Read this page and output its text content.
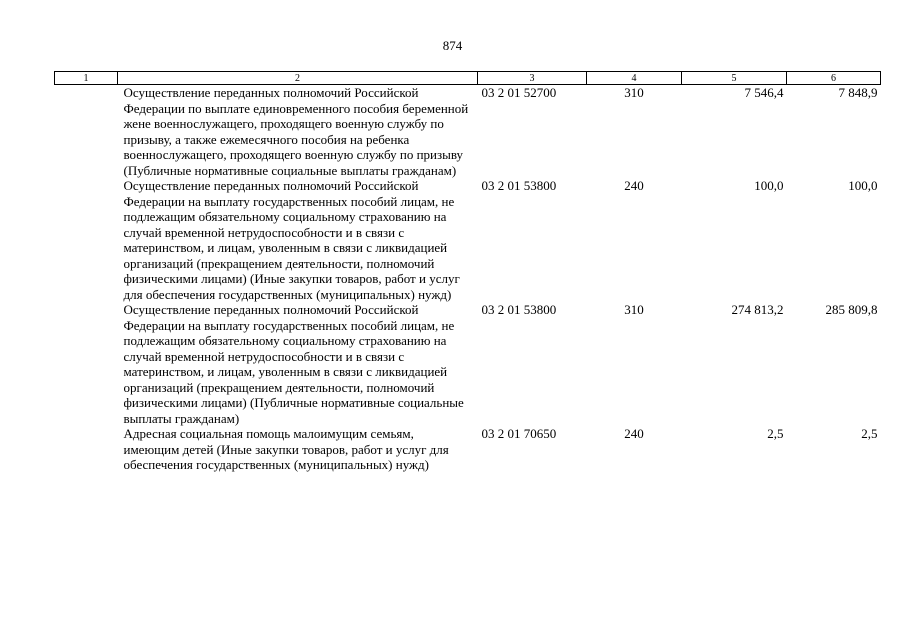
874
1	2	3	4	5	6
	Осуществление переданных полномочий Российской Федерации по выплате единовременного пособия беременной жене военнослужащего, проходящего военную службу по призыву, а также ежемесячного пособия на ребенка военнослужащего, проходящего военную службу по призыву (Публичные нормативные социальные выплаты гражданам)	03 2 01 52700	310	7 546,4	7 848,9
	Осуществление переданных полномочий Российской Федерации на выплату государственных пособий лицам, не подлежащим обязательному социальному страхованию на случай временной нетрудоспособности и в связи с материнством, и лицам, уволенным в связи с ликвидацией организаций (прекращением деятельности, полномочий физическими лицами) (Иные закупки товаров, работ и услуг для обеспечения государственных (муниципальных) нужд)	03 2 01 53800	240	100,0	100,0
	Осуществление переданных полномочий Российской Федерации на выплату государственных пособий лицам, не подлежащим обязательному социальному страхованию на случай временной нетрудоспособности и в связи с материнством, и лицам, уволенным в связи с ликвидацией организаций (прекращением деятельности, полномочий физическими лицами) (Публичные нормативные социальные выплаты гражданам)	03 2 01 53800	310	274 813,2	285 809,8
	Адресная социальная помощь малоимущим семьям, имеющим детей (Иные закупки товаров, работ и услуг для обеспечения государственных (муниципальных) нужд)	03 2 01 70650	240	2,5	2,5
